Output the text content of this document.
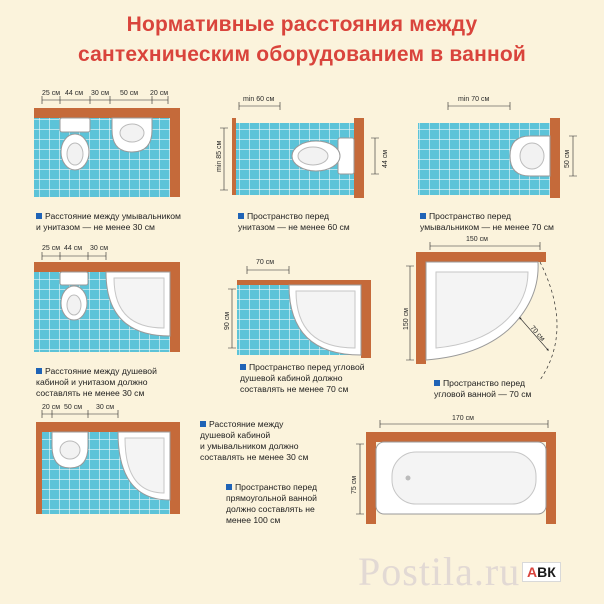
Нормативные расстояния между
сантехническим оборудованием в ванной
25 см 44 см 30 см 50 см 20 см
min 60 см
min 85 см	44 см
min 70 см
50 см
25 см 44 см 30 см
70 см
90 см
150 см
150 см
70 см
20 см 50 см 30 см
170 см
75 см
Расстояние между умывальником
и унитазом — не менее 30 см
Пространство перед
унитазом — не менее 60 см
Пространство перед
умывальником — не менее 70 см
Расстояние между душевой
кабиной и унитазом должно
составлять не менее 30 см
Пространство перед угловой
душевой кабиной должно
составлять не менее 70 см
Пространство перед
угловой ванной — 70 см
Расстояние между
душевой кабиной
и умывальником должно
составлять не менее 30 см
Пространство перед
прямоугольной ванной
должно составлять не
менее 100 см
Postila.ru АВК
